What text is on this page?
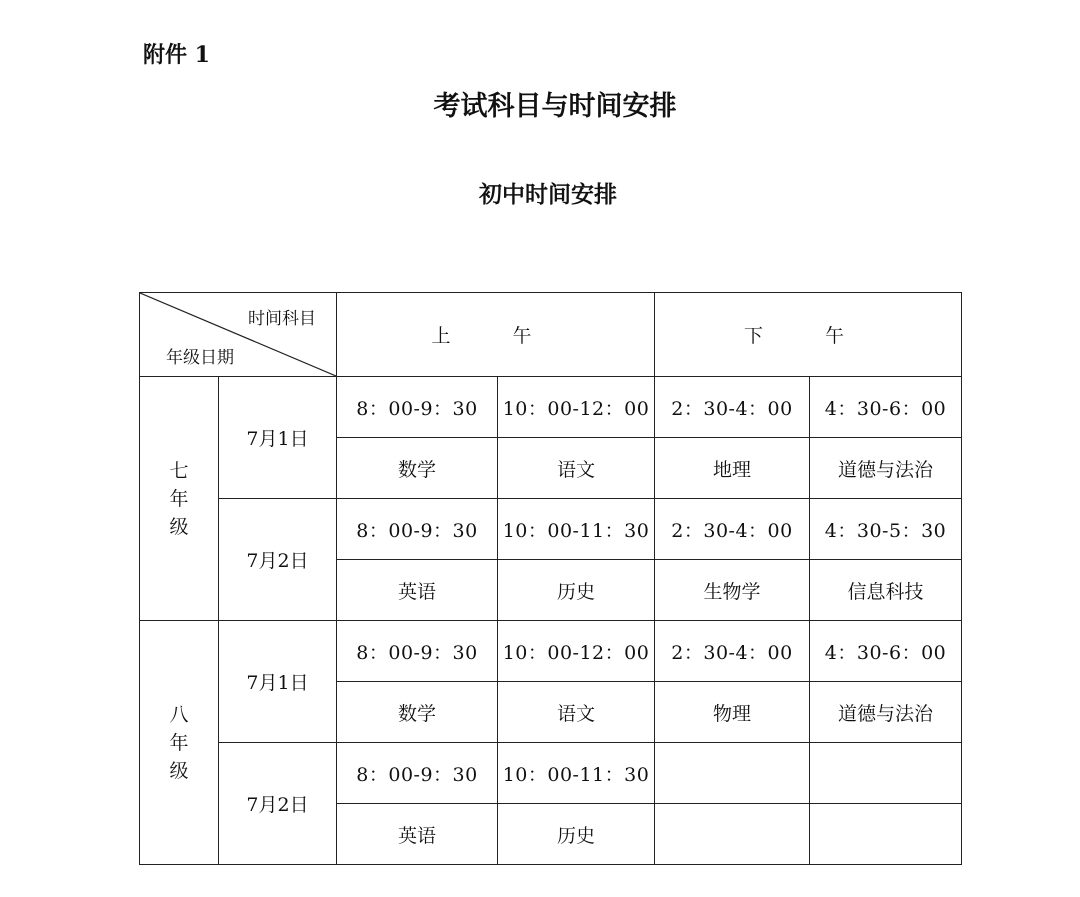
附件 1
考试科目与时间安排
初中时间安排
时间科目
年级日期		上 午		下 午	

七
年
级	7月1日	8：00-9：30	10：00-12：00	2：30-4：00	4：30-6：00
		数学	语文	地理	道德与法治
	7月2日	8：00-9：30	10：00-11：30	2：30-4：00	4：30-5：30
		英语	历史	生物学	信息科技

八
年
级	7月1日	8：00-9：30	10：00-12：00	2：30-4：00	4：30-6：00
		数学	语文	物理	道德与法治
	7月2日	8：00-9：30	10：00-11：30		
		英语	历史		
